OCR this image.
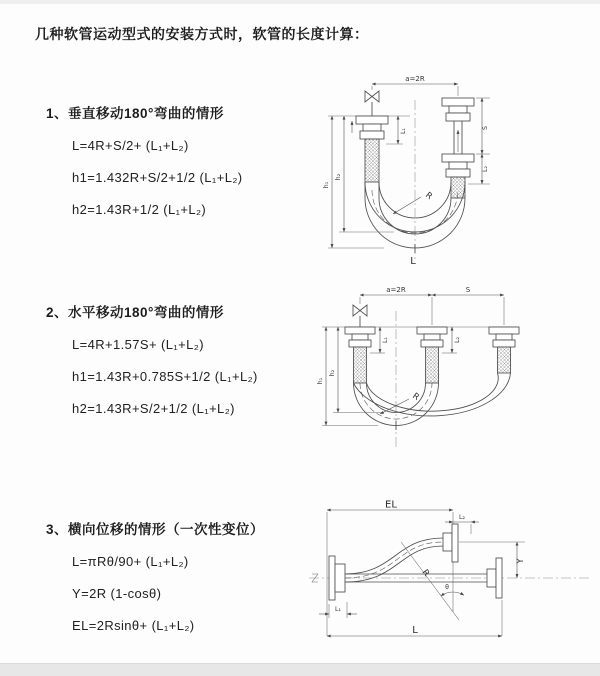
几种软管运动型式的安装方式时，软管的长度计算：

1、垂直移动180°弯曲的情形

L=4R+S/2+ (L₁+L₂)

h1=1.432R+S/2+1/2 (L₁+L₂)

h2=1.43R+1/2 (L₁+L₂)

2、水平移动180°弯曲的情形

L=4R+1.57S+ (L₁+L₂)

h1=1.43R+0.785S+1/2 (L₁+L₂)

h2=1.43R+S/2+1/2 (L₁+L₂)

3、横向位移的情形（一次性变位）

L=πRθ/90+ (L₁+L₂)

Y=2R (1-cosθ)

EL=2Rsinθ+ (L₁+L₂)

a=2R
L₁
S
L₂
h₁
h₂
R
L
a=2R	S
L₁	L₂
h₁
h₂
R
EL
L₂
L₁
L
Y
R
θ
